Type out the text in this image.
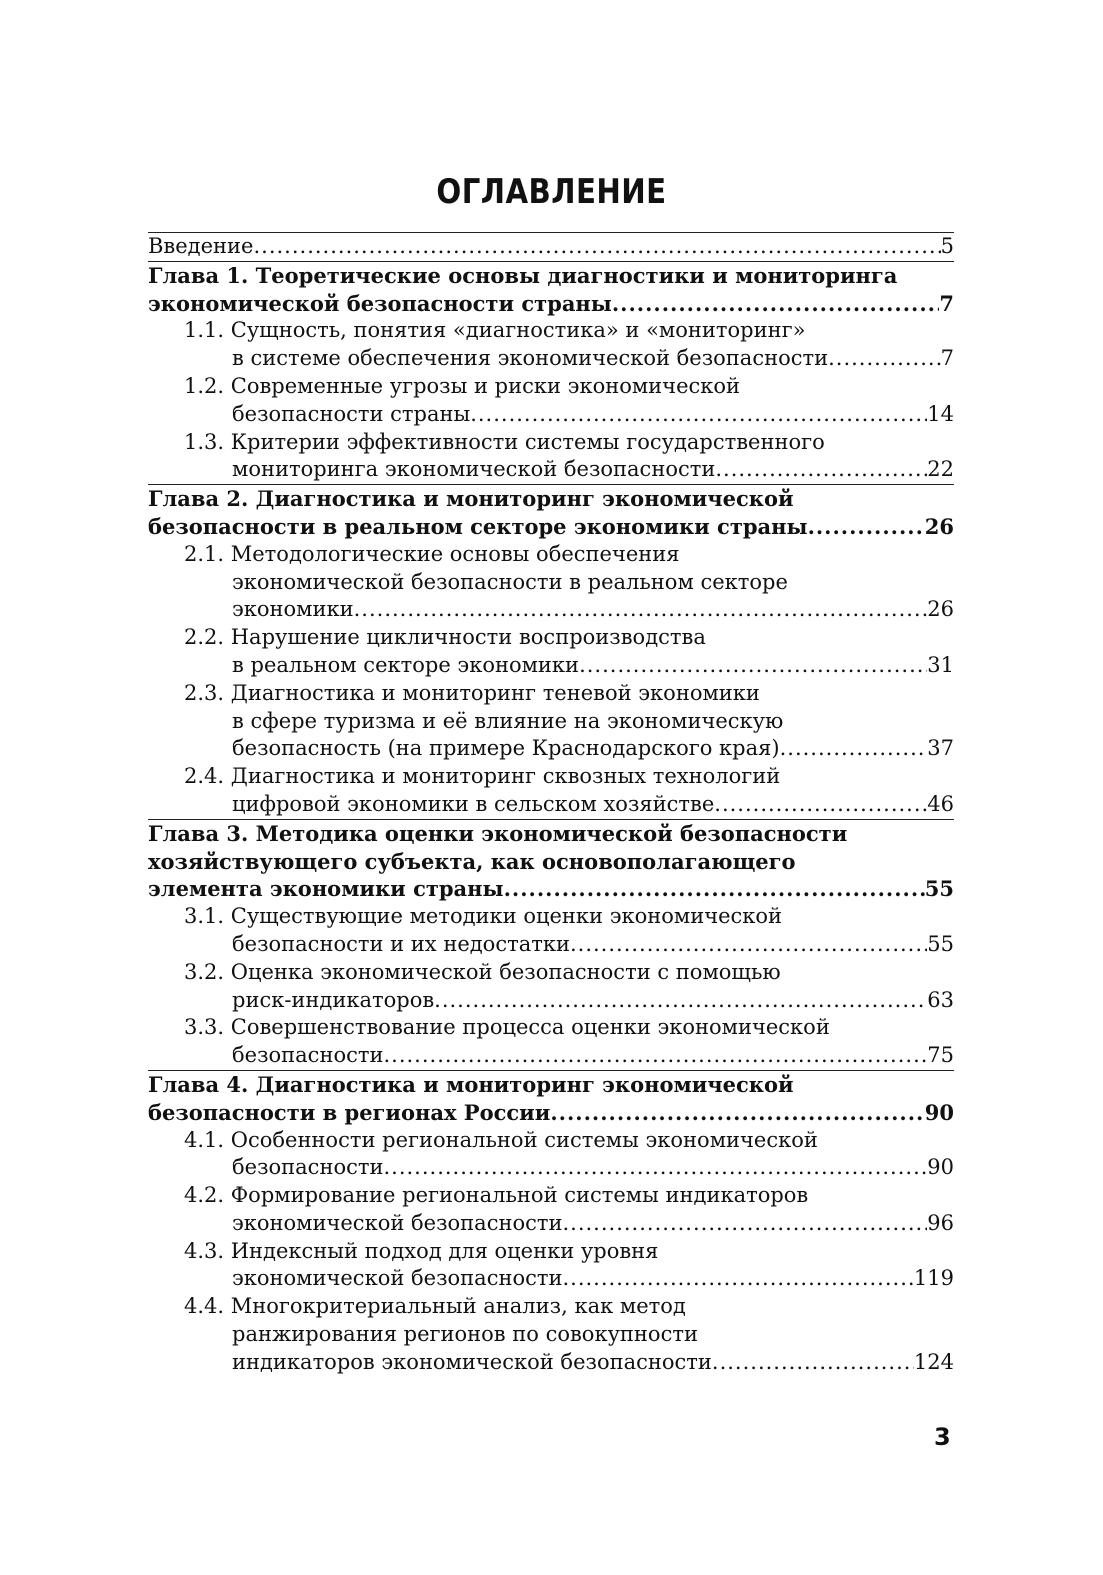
ОГЛАВЛЕНИЕ
Введение .....	5
Глава 1. Теоретические основы диагностики и мониторинга
экономической безопасности страны .....	7
1.1. Сущность, понятия «диагностика» и «мониторинг»
в системе обеспечения экономической безопасности .....	7
1.2. Современные угрозы и риски экономической
безопасности страны .....	14
1.3. Критерии эффективности системы государственного
мониторинга экономической безопасности .....	22
Глава 2. Диагностика и мониторинг экономической
безопасности в реальном секторе экономики страны .....	26
2.1. Методологические основы обеспечения
экономической безопасности в реальном секторе
экономики .....	26
2.2. Нарушение цикличности воспроизводства
в реальном секторе экономики .....	31
2.3. Диагностика и мониторинг теневой экономики
в сфере туризма и её влияние на экономическую
безопасность (на примере Краснодарского края) .....	37
2.4. Диагностика и мониторинг сквозных технологий
цифровой экономики в сельском хозяйстве .....	46
Глава 3. Методика оценки экономической безопасности
хозяйствующего субъекта, как основополагающего
элемента экономики страны .....	55
3.1. Существующие методики оценки экономической
безопасности и их недостатки .....	55
3.2. Оценка экономической безопасности с помощью
риск-индикаторов .....	63
3.3. Совершенствование процесса оценки экономической
безопасности .....	75
Глава 4. Диагностика и мониторинг экономической
безопасности в регионах России .....	90
4.1. Особенности региональной системы экономической
безопасности .....	90
4.2. Формирование региональной системы индикаторов
экономической безопасности .....	96
4.3. Индексный подход для оценки уровня
экономической безопасности .....	119
4.4. Многокритериальный анализ, как метод
ранжирования регионов по совокупности
индикаторов экономической безопасности .....	124
3
